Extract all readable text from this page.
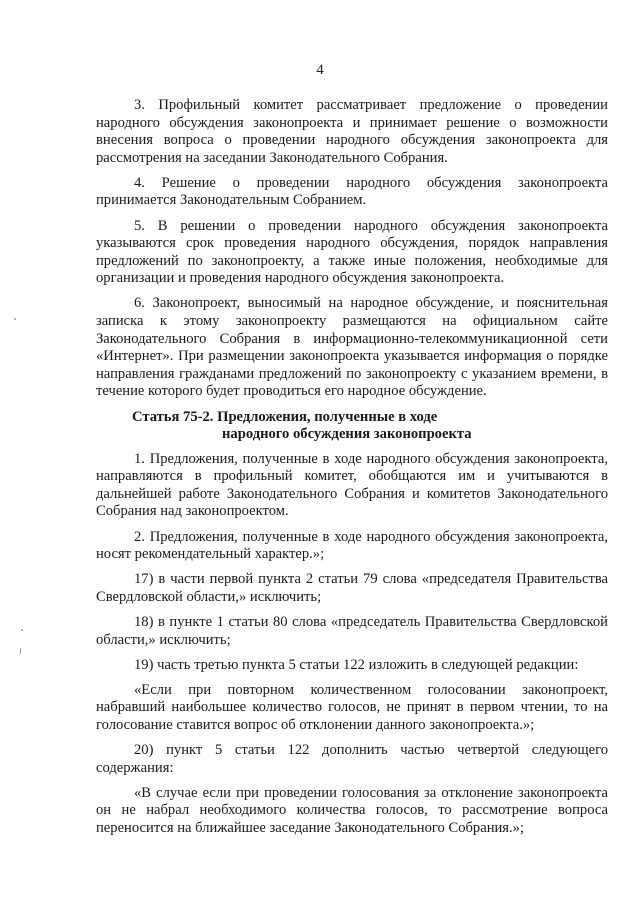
4

3. Профильный комитет рассматривает предложение о проведении народного обсуждения законопроекта и принимает решение о возможности внесения вопроса о проведении народного обсуждения законопроекта для рассмотрения на заседании Законодательного Собрания.

4. Решение о проведении народного обсуждения законопроекта принимается Законодательным Собранием.

5. В решении о проведении народного обсуждения законопроекта указываются срок проведения народного обсуждения, порядок направления предложений по законопроекту, а также иные положения, необходимые для организации и проведения народного обсуждения законопроекта.

6. Законопроект, выносимый на народное обсуждение, и пояснительная записка к этому законопроекту размещаются на официальном сайте Законодательного Собрания в информационно-телекоммуникационной сети «Интернет». При размещении законопроекта указывается информация о порядке направления гражданами предложений по законопроекту с указанием времени, в течение которого будет проводиться его народное обсуждение.

Статья 75-2. Предложения, полученные в ходе
народного обсуждения законопроекта

1. Предложения, полученные в ходе народного обсуждения законопроекта, направляются в профильный комитет, обобщаются им и учитываются в дальнейшей работе Законодательного Собрания и комитетов Законодательного Собрания над законопроектом.

2. Предложения, полученные в ходе народного обсуждения законопроекта, носят рекомендательный характер.»;

17) в части первой пункта 2 статьи 79 слова «председателя Правительства Свердловской области,» исключить;

18) в пункте 1 статьи 80 слова «председатель Правительства Свердловской области,» исключить;

19) часть третью пункта 5 статьи 122 изложить в следующей редакции:

«Если при повторном количественном голосовании законопроект, набравший наибольшее количество голосов, не принят в первом чтении, то на голосование ставится вопрос об отклонении данного законопроекта.»;

20) пункт 5 статьи 122 дополнить частью четвертой следующего содержания:

«В случае если при проведении голосования за отклонение законопроекта он не набрал необходимого количества голосов, то рассмотрение вопроса переносится на ближайшее заседание Законодательного Собрания.»;
